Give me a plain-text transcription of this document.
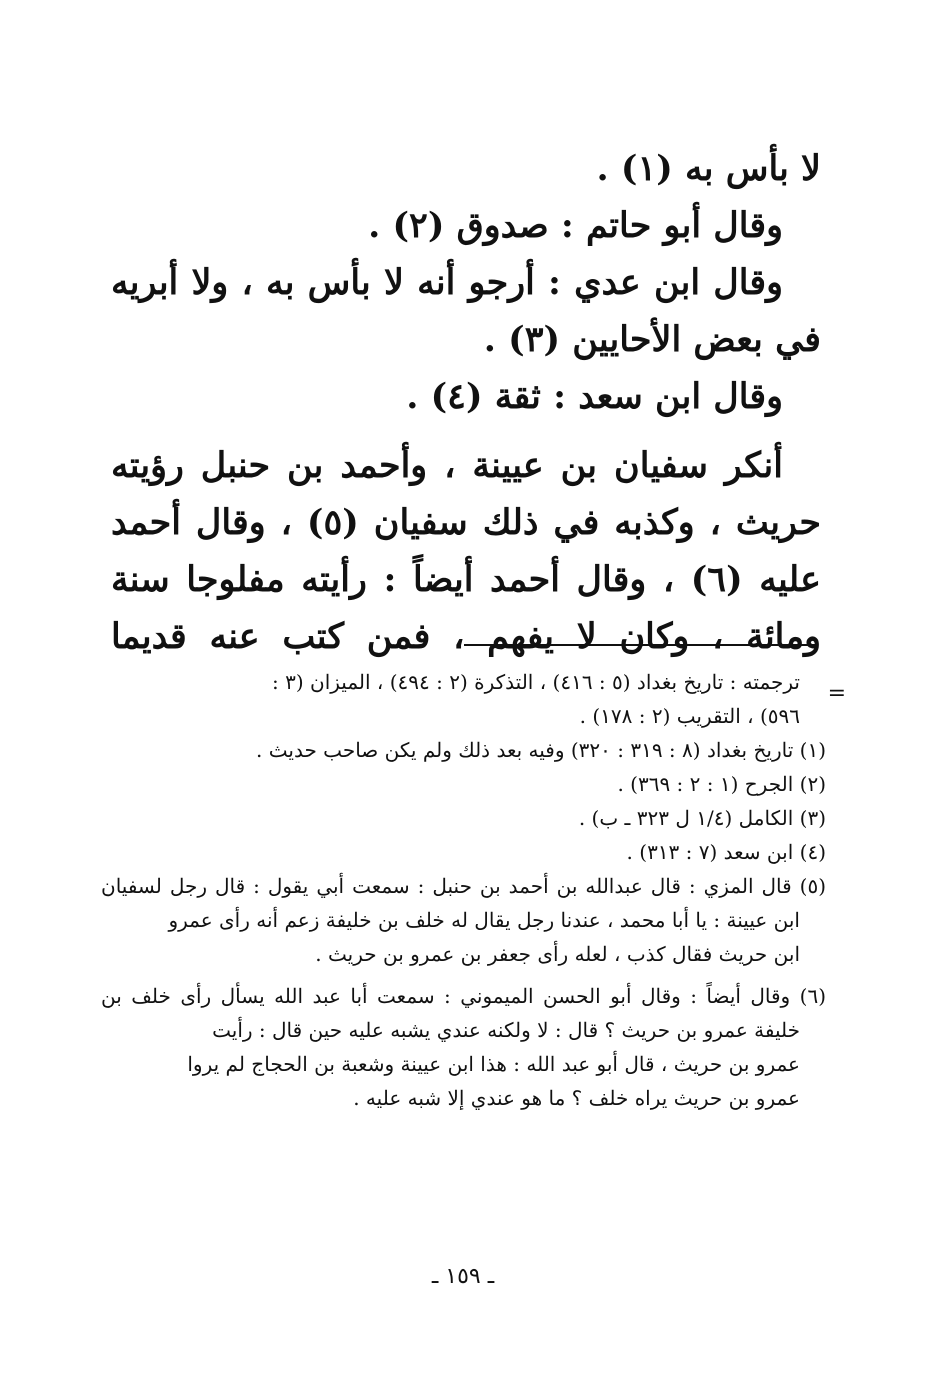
لا بأس به (١) .
وقال أبو حاتم : صدوق (٢) .
وقال ابن عدي : أرجو أنه لا بأس به ، ولا أبريه
في بعض الأحايين (٣) .
وقال ابن سعد : ثقة (٤) .
أنكر سفيان بن عيينة ، وأحمد بن حنبل رؤيته
حريث ، وكذبه في ذلك سفيان (٥) ، وقال أحمد
عليه (٦) ، وقال أحمد أيضاً : رأيته مفلوجا سنة
ومائة ، وكان لا يفهم ، فمن كتب عنه قديما
=
ترجمته : تاريخ بغداد (٥ : ٤١٦) ، التذكرة (٢ : ٤٩٤) ، الميزان (٣ :
٥٩٦) ، التقريب (٢ : ١٧٨) .
(١) تاريخ بغداد (٨ : ٣١٩ : ٣٢٠) وفيه بعد ذلك ولم يكن صاحب حديث .
(٢) الجرح (١ : ٢ : ٣٦٩) .
(٣) الكامل (١/٤ ل ٣٢٣ ـ ب) .
(٤) ابن سعد (٧ : ٣١٣) .
(٥) قال المزي : قال عبدالله بن أحمد بن حنبل : سمعت أبي يقول : قال رجل لسفيان
ابن عيينة : يا أبا محمد ، عندنا رجل يقال له خلف بن خليفة زعم أنه رأى عمرو
ابن حريث فقال كذب ، لعله رأى جعفر بن عمرو بن حريث .
(٦) وقال أيضاً : وقال أبو الحسن الميموني : سمعت أبا عبد الله يسأل رأى خلف بن
خليفة عمرو بن حريث ؟ قال : لا ولكنه عندي يشبه عليه حين قال : رأيت
عمرو بن حريث ، قال أبو عبد الله : هذا ابن عيينة وشعبة بن الحجاج لم يروا
عمرو بن حريث يراه خلف ؟ ما هو عندي إلا شبه عليه .
ـ ١٥٩ ـ
